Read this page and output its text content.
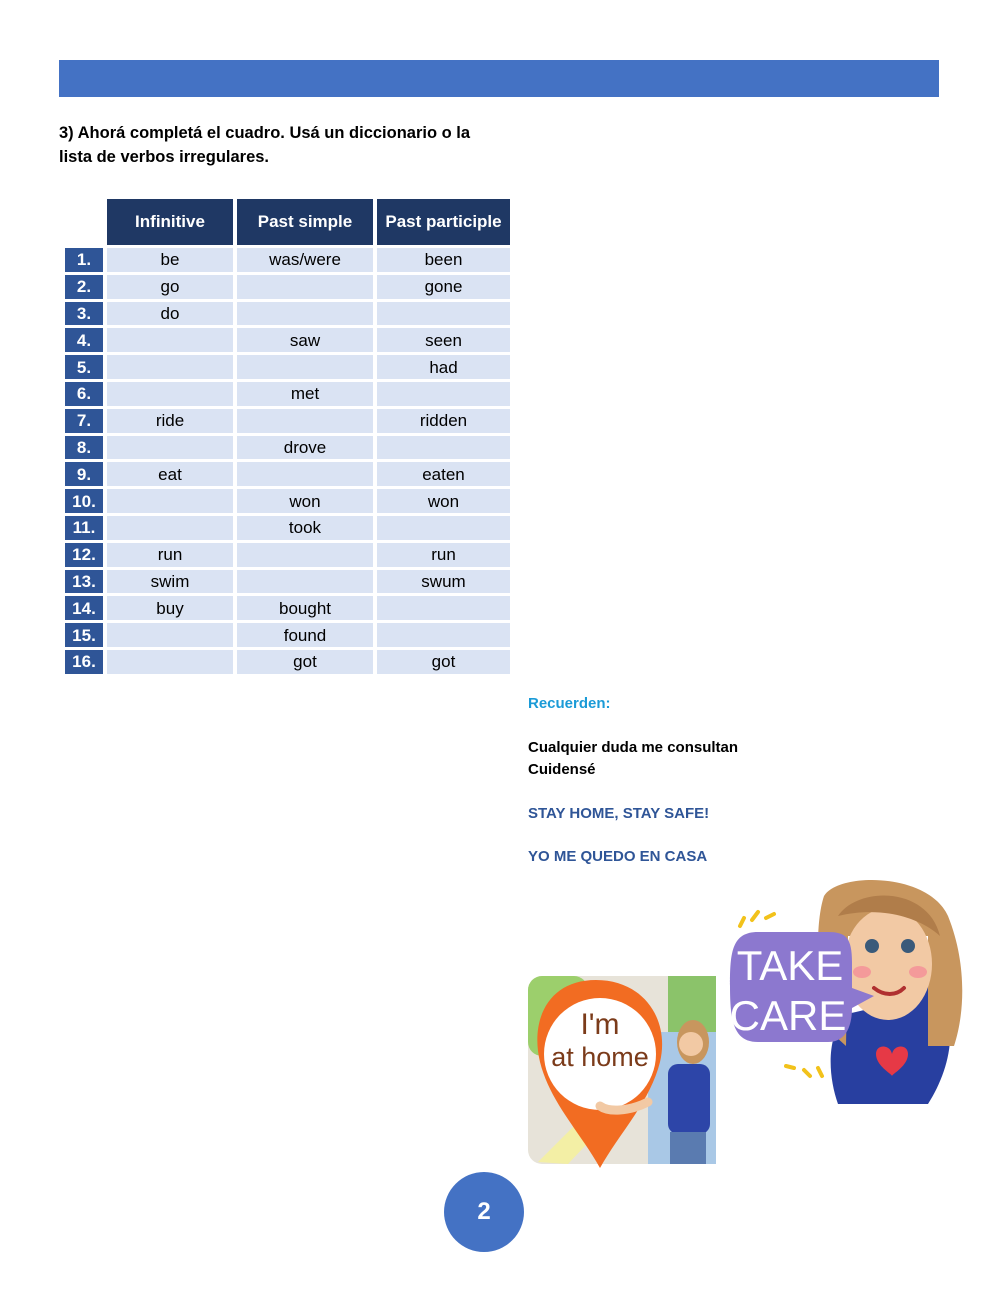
3) Ahorá completá el cuadro. Usá un diccionario o la lista de verbos irregulares.
	Infinitive	Past simple	Past participle
1.	be	was/were	been
2.	go		gone
3.	do		
4.		saw	seen
5.			had
6.		met	
7.	ride		ridden
8.		drove	
9.	eat		eaten
10.		won	won
11.		took	
12.	run		run
13.	swim		swum
14.	buy	bought	
15.		found	
16.		got	got
Recuerden:
Cualquier duda me consultan
Cuidensé
STAY HOME, STAY SAFE!
YO ME QUEDO EN CASA
I'm
at home
TAKE
CARE
2
